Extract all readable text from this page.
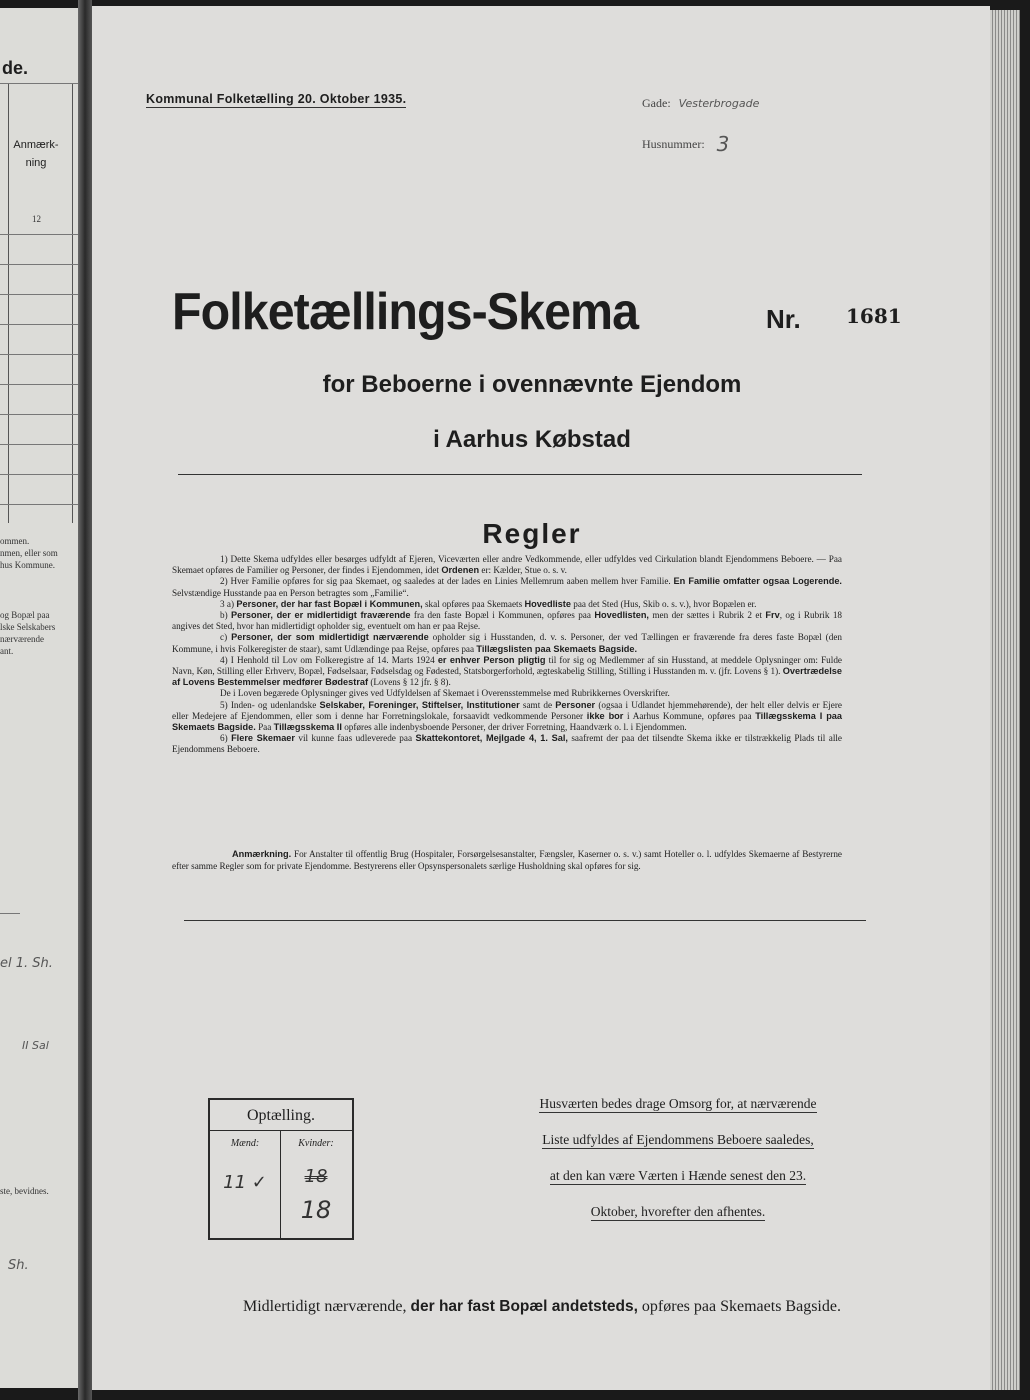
de.
Anmærk-
ning
12
ommen.
nmen, eller som
hus Kommune.
og Bopæl paa
lske Selskabers
nærværende
ant.
el 1. Sh.
II Sal
ste, bevidnes.
Sh.
Kommunal Folketælling 20. Oktober 1935.	Gade: Vesterbrogade
Husnummer: 3
Folketællings-Skema	Nr. 1681
for Beboerne i ovennævnte Ejendom
i Aarhus Købstad
Regler

1) Dette Skema udfyldes eller besørges udfyldt af Ejeren, Viceværten eller andre Vedkommende, eller udfyldes ved Cirkulation blandt Ejendommens Beboere. — Paa Skemaet opføres de Familier og Personer, der findes i Ejendommen, idet Ordenen er: Kælder, Stue o. s. v.

2) Hver Familie opføres for sig paa Skemaet, og saaledes at der lades en Linies Mellemrum aaben mellem hver Familie. En Familie omfatter ogsaa Logerende. Selvstændige Husstande paa en Person betragtes som „Familie“.

3 a) Personer, der har fast Bopæl i Kommunen, skal opføres paa Skemaets Hovedliste paa det Sted (Hus, Skib o. s. v.), hvor Bopælen er.

b) Personer, der er midlertidigt fraværende fra den faste Bopæl i Kommunen, opføres paa Hovedlisten, men der sættes i Rubrik 2 et Frv, og i Rubrik 18 angives det Sted, hvor han midlertidigt opholder sig, eventuelt om han er paa Rejse.

c) Personer, der som midlertidigt nærværende opholder sig i Husstanden, d. v. s. Personer, der ved Tællingen er fraværende fra deres faste Bopæl (den Kommune, i hvis Folkeregister de staar), samt Udlændinge paa Rejse, opføres paa Tillægslisten paa Skemaets Bagside.

4) I Henhold til Lov om Folkeregistre af 14. Marts 1924 er enhver Person pligtig til for sig og Medlemmer af sin Husstand, at meddele Oplysninger om: Fulde Navn, Køn, Stilling eller Erhverv, Bopæl, Fødselsaar, Fødselsdag og Fødested, Statsborgerforhold, ægteskabelig Stilling, Stilling i Husstanden m. v. (jfr. Lovens § 1). Overtrædelse af Lovens Bestemmelser medfører Bødestraf (Lovens § 12 jfr. § 8).

De i Loven begærede Oplysninger gives ved Udfyldelsen af Skemaet i Overensstemmelse med Rubrikkernes Overskrifter.

5) Inden- og udenlandske Selskaber, Foreninger, Stiftelser, Institutioner samt de Personer (ogsaa i Udlandet hjemmehørende), der helt eller delvis er Ejere eller Medejere af Ejendommen, eller som i denne har Forretningslokale, forsaavidt vedkommende Personer ikke bor i Aarhus Kommune, opføres paa Tillægsskema I paa Skemaets Bagside. Paa Tillægsskema II opføres alle indenbysboende Personer, der driver Forretning, Haandværk o. l. i Ejendommen.

6) Flere Skemaer vil kunne faas udleverede paa Skattekontoret, Mejlgade 4, 1. Sal, saafremt der paa det tilsendte Skema ikke er tilstrækkelig Plads til alle Ejendommens Beboere.

Anmærkning. For Anstalter til offentlig Brug (Hospitaler, Forsørgelsesanstalter, Fængsler, Kaserner o. s. v.) samt Hoteller o. l. udfyldes Skemaerne af Bestyrerne efter samme Regler som for private Ejendomme. Bestyrerens eller Opsynspersonalets særlige Husholdning skal opføres for sig.
Optælling.
Mænd:
11 ✓
Kvinder:
18
18
Husværten bedes drage Omsorg for, at nærværende
Liste udfyldes af Ejendommens Beboere saaledes,
at den kan være Værten i Hænde senest den 23.
Oktober, hvorefter den afhentes.
Midlertidigt nærværende, der har fast Bopæl andetsteds, opføres paa Skemaets Bagside.
